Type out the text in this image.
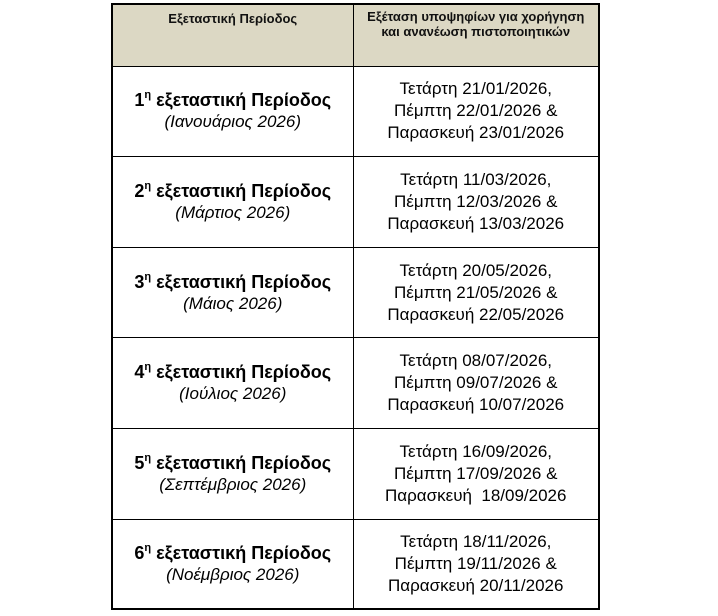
Εξεταστική Περίοδος	Εξέταση υποψηφίων για χορήγηση και ανανέωση πιστοποιητικών

$1^\eta$ εξεταστική Περίοδος
(Ιανουάριος 2026)	Τετάρτη 21/01/2026,
Πέμπτη 22/01/2026 &
Παρασκευή 23/01/2026

$2^\eta$ εξεταστική Περίοδος
(Μάρτιος 2026)	Τετάρτη 11/03/2026,
Πέμπτη 12/03/2026 &
Παρασκευή 13/03/2026

$3^\eta$ εξεταστική Περίοδος
(Μάιος 2026)	Τετάρτη 20/05/2026,
Πέμπτη 21/05/2026 &
Παρασκευή 22/05/2026

$4^\eta$ εξεταστική Περίοδος
(Ιούλιος 2026)	Τετάρτη 08/07/2026,
Πέμπτη 09/07/2026 &
Παρασκευή 10/07/2026

$5^\eta$ εξεταστική Περίοδος
(Σεπτέμβριος 2026)	Τετάρτη 16/09/2026,
Πέμπτη 17/09/2026 &
Παρασκευή  18/09/2026

$6^\eta$ εξεταστική Περίοδος
(Νοέμβριος 2026)	Τετάρτη 18/11/2026,
Πέμπτη 19/11/2026 &
Παρασκευή 20/11/2026
